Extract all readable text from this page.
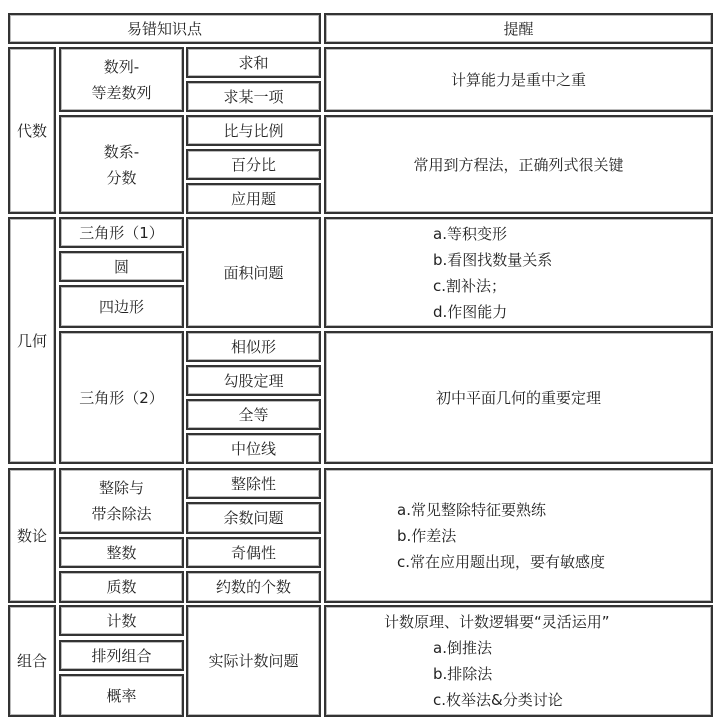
易错知识点	提醒
代数
数列-
等差数列
数系-
分数
求和
求某一项
比与比例
百分比
应用题
计算能力是重中之重
常用到方程法，正确列式很关键
几何
三角形（1）
圆
四边形
三角形（2）
面积问题
相似形
勾股定理
全等
中位线
a.等积变形
b.看图找数量关系
c.割补法；
d.作图能力
初中平面几何的重要定理
数论
整除与
带余除法
整数
质数
整除性
余数问题
奇偶性
约数的个数
a.常见整除特征要熟练
b.作差法
c.常在应用题出现，要有敏感度
组合
计数
排列组合
概率
实际计数问题
计数原理、计数逻辑要“灵活运用”
a.倒推法
b.排除法
c.枚举法&分类讨论
